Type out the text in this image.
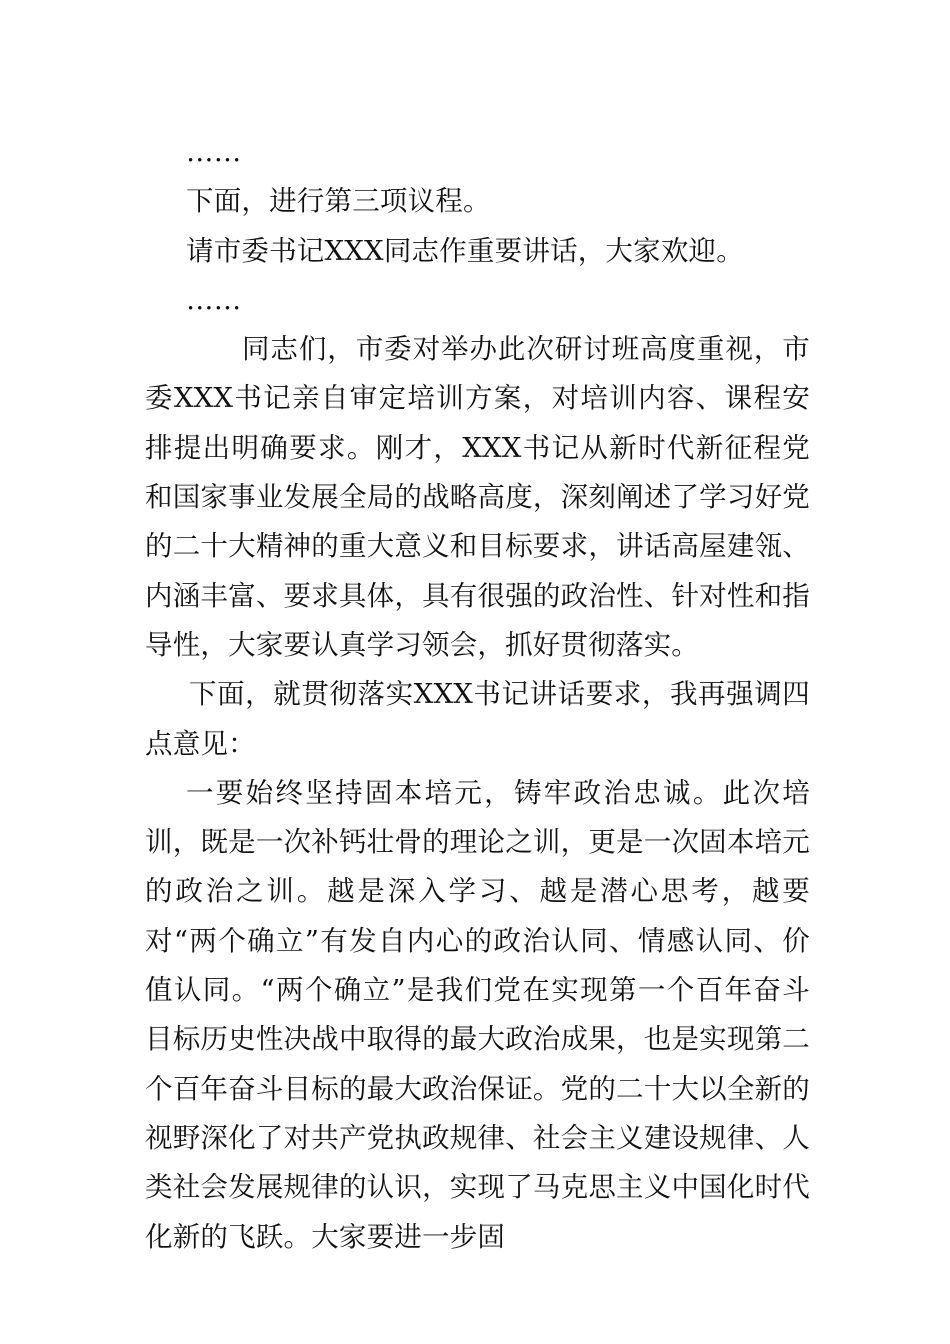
……

下面，进行第三项议程。

请市委书记XXX同志作重要讲话，大家欢迎。

……

同志们，市委对举办此次研讨班高度重视，市委XXX书记亲自审定培训方案，对培训内容、课程安排提出明确要求。刚才，XXX书记从新时代新征程党和国家事业发展全局的战略高度，深刻阐述了学习好党的二十大精神的重大意义和目标要求，讲话高屋建瓴、内涵丰富、要求具体，具有很强的政治性、针对性和指导性，大家要认真学习领会，抓好贯彻落实。

下面，就贯彻落实XXX书记讲话要求，我再强调四点意见：

一要始终坚持固本培元，铸牢政治忠诚。此次培训，既是一次补钙壮骨的理论之训，更是一次固本培元的政治之训。越是深入学习、越是潜心思考，越要对“两个确立”有发自内心的政治认同、情感认同、价值认同。“两个确立”是我们党在实现第一个百年奋斗目标历史性决战中取得的最大政治成果，也是实现第二个百年奋斗目标的最大政治保证。党的二十大以全新的视野深化了对共产党执政规律、社会主义建设规律、人类社会发展规律的认识，实现了马克思主义中国化时代化新的飞跃。大家要进一步固
